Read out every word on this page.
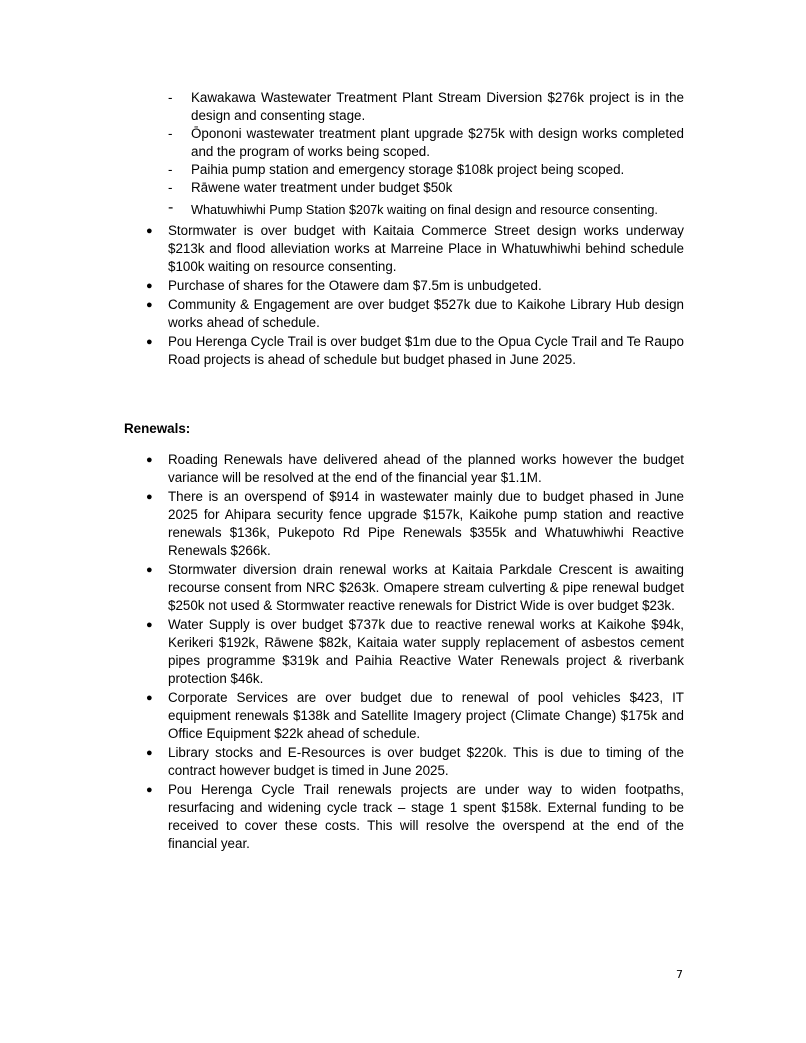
- Kawakawa Wastewater Treatment Plant Stream Diversion $276k project is in the design and consenting stage.
- Ōpononi wastewater treatment plant upgrade $275k with design works completed and the program of works being scoped.
- Paihia pump station and emergency storage $108k project being scoped.
- Rāwene water treatment under budget $50k
- Whatuwhiwhi Pump Station $207k waiting on final design and resource consenting.
●
Stormwater is over budget with Kaitaia Commerce Street design works underway $213k and flood alleviation works at Marreine Place in Whatuwhiwhi behind schedule $100k waiting on resource consenting.
●
Purchase of shares for the Otawere dam $7.5m is unbudgeted.
●
Community & Engagement are over budget $527k due to Kaikohe Library Hub design works ahead of schedule.
●
Pou Herenga Cycle Trail is over budget $1m due to the Opua Cycle Trail and Te Raupo Road projects is ahead of schedule but budget phased in June 2025.
Renewals:
●
Roading Renewals have delivered ahead of the planned works however the budget variance will be resolved at the end of the financial year $1.1M.
●
There is an overspend of $914 in wastewater mainly due to budget phased in June 2025 for Ahipara security fence upgrade $157k, Kaikohe pump station and reactive renewals $136k, Pukepoto Rd Pipe Renewals $355k and Whatuwhiwhi Reactive Renewals $266k.
●
Stormwater diversion drain renewal works at Kaitaia Parkdale Crescent is awaiting recourse consent from NRC $263k. Omapere stream culverting & pipe renewal budget $250k not used & Stormwater reactive renewals for District Wide is over budget $23k.
●
Water Supply is over budget $737k due to reactive renewal works at Kaikohe $94k, Kerikeri $192k, Rāwene $82k, Kaitaia water supply replacement of asbestos cement pipes programme $319k and Paihia Reactive Water Renewals project & riverbank protection $46k.
●
Corporate Services are over budget due to renewal of pool vehicles $423, IT equipment renewals $138k and Satellite Imagery project (Climate Change) $175k and Office Equipment $22k ahead of schedule.
●
Library stocks and E-Resources is over budget $220k. This is due to timing of the contract however budget is timed in June 2025.
●
Pou Herenga Cycle Trail renewals projects are under way to widen footpaths, resurfacing and widening cycle track – stage 1 spent $158k. External funding to be received to cover these costs. This will resolve the overspend at the end of the financial year.
7
